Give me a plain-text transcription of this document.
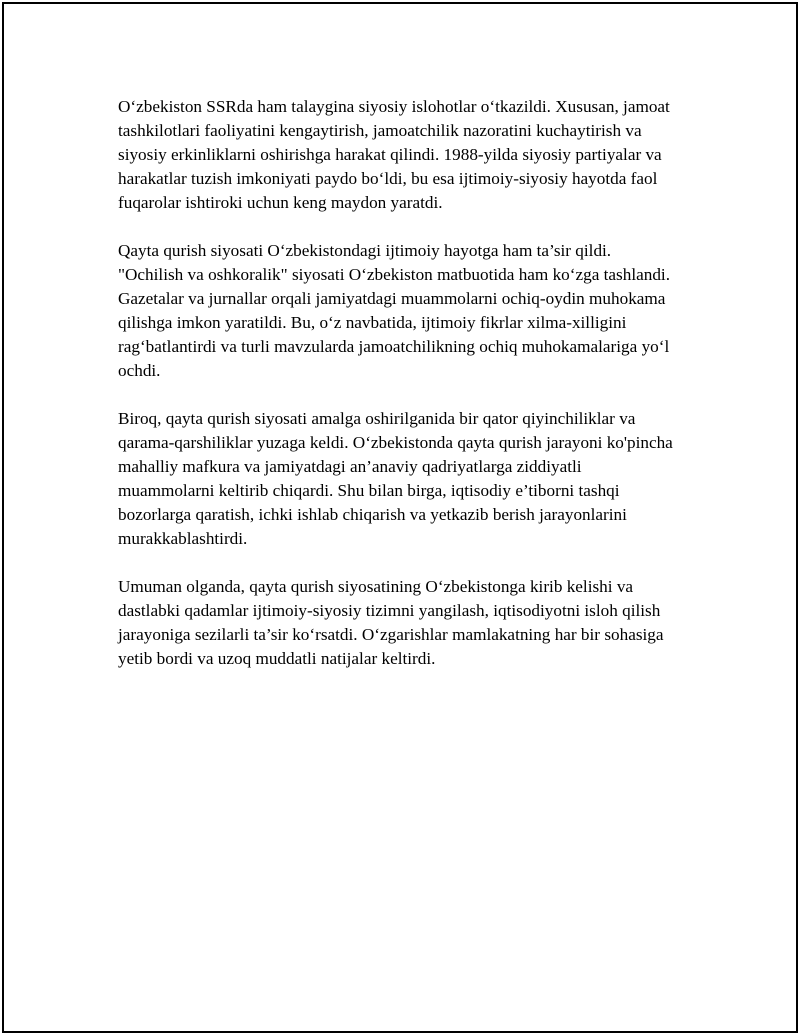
O‘zbekiston SSRda ham talaygina siyosiy islohotlar o‘tkazildi. Xususan, jamoat tashkilotlari faoliyatini kengaytirish, jamoatchilik nazoratini kuchaytirish va siyosiy erkinliklarni oshirishga harakat qilindi. 1988-yilda siyosiy partiyalar va harakatlar tuzish imkoniyati paydo bo‘ldi, bu esa ijtimoiy-siyosiy hayotda faol fuqarolar ishtiroki uchun keng maydon yaratdi.

Qayta qurish siyosati O‘zbekistondagi ijtimoiy hayotga ham ta’sir qildi. "Ochilish va oshkoralik" siyosati O‘zbekiston matbuotida ham ko‘zga tashlandi. Gazetalar va jurnallar orqali jamiyatdagi muammolarni ochiq-oydin muhokama qilishga imkon yaratildi. Bu, o‘z navbatida, ijtimoiy fikrlar xilma-xilligini rag‘batlantirdi va turli mavzularda jamoatchilikning ochiq muhokamalariga yo‘l ochdi.

Biroq, qayta qurish siyosati amalga oshirilganida bir qator qiyinchiliklar va qarama-qarshiliklar yuzaga keldi. O‘zbekistonda qayta qurish jarayoni ko'pincha mahalliy mafkura va jamiyatdagi an’anaviy qadriyatlarga ziddiyatli muammolarni keltirib chiqardi. Shu bilan birga, iqtisodiy e’tiborni tashqi bozorlarga qaratish, ichki ishlab chiqarish va yetkazib berish jarayonlarini murakkablashtirdi.

Umuman olganda, qayta qurish siyosatining O‘zbekistonga kirib kelishi va dastlabki qadamlar ijtimoiy-siyosiy tizimni yangilash, iqtisodiyotni isloh qilish jarayoniga sezilarli ta’sir ko‘rsatdi. O‘zgarishlar mamlakatning har bir sohasiga yetib bordi va uzoq muddatli natijalar keltirdi.
